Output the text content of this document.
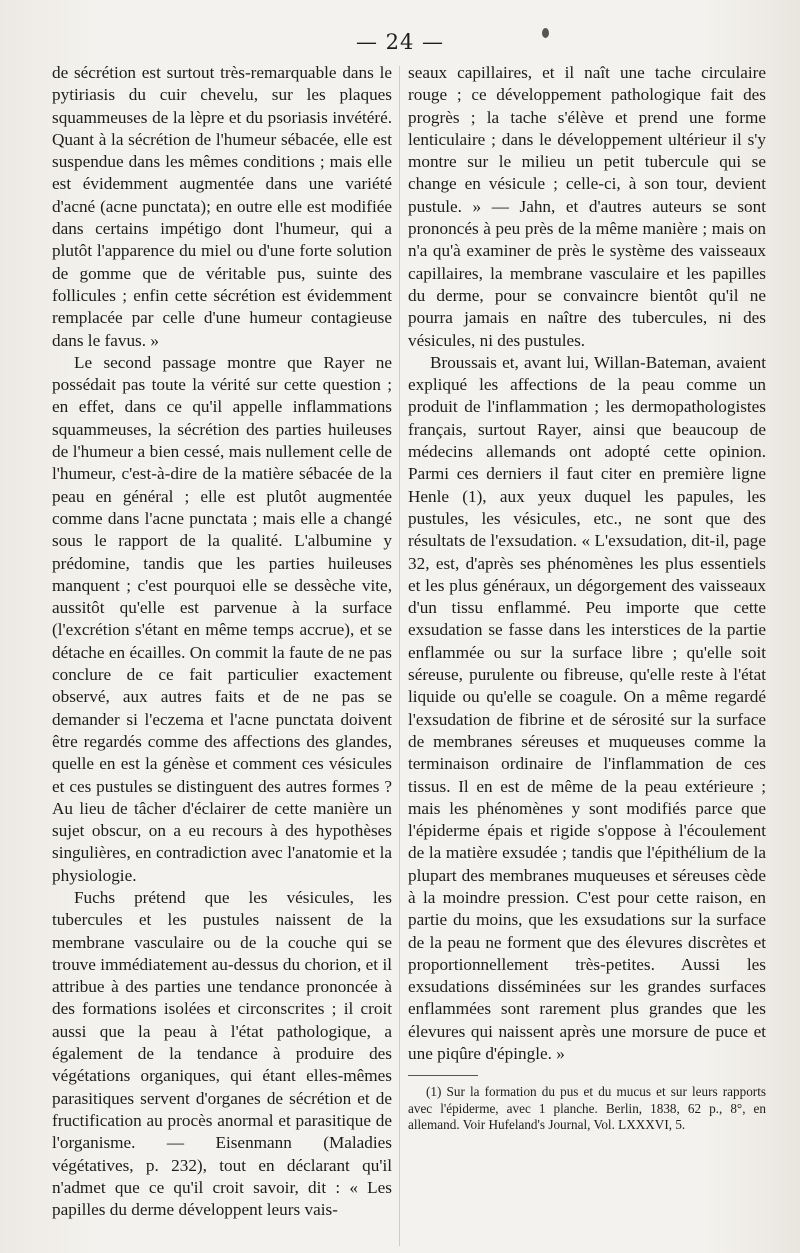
— 24 —

de sécrétion est surtout très-remarquable dans le pytiriasis du cuir chevelu, sur les plaques squammeuses de la lèpre et du psoriasis invétéré. Quant à la sécrétion de l'humeur sébacée, elle est suspendue dans les mêmes conditions ; mais elle est évidemment augmentée dans une variété d'acné (acne punctata); en outre elle est modifiée dans certains impétigo dont l'humeur, qui a plutôt l'apparence du miel ou d'une forte solution de gomme que de véritable pus, suinte des follicules ; enfin cette sécrétion est évidemment remplacée par celle d'une humeur contagieuse dans le favus. »

Le second passage montre que Rayer ne possédait pas toute la vérité sur cette question ; en effet, dans ce qu'il appelle inflammations squammeuses, la sécrétion des parties huileuses de l'humeur a bien cessé, mais nullement celle de l'humeur, c'est-à-dire de la matière sébacée de la peau en général ; elle est plutôt augmentée comme dans l'acne punctata ; mais elle a changé sous le rapport de la qualité. L'albumine y prédomine, tandis que les parties huileuses manquent ; c'est pourquoi elle se dessèche vite, aussitôt qu'elle est parvenue à la surface (l'excrétion s'étant en même temps accrue), et se détache en écailles. On commit la faute de ne pas conclure de ce fait particulier exactement observé, aux autres faits et de ne pas se demander si l'eczema et l'acne punctata doivent être regardés comme des affections des glandes, quelle en est la génèse et comment ces vésicules et ces pustules se distinguent des autres formes ? Au lieu de tâcher d'éclairer de cette manière un sujet obscur, on a eu recours à des hypothèses singulières, en contradiction avec l'anatomie et la physiologie.

Fuchs prétend que les vésicules, les tubercules et les pustules naissent de la membrane vasculaire ou de la couche qui se trouve immédiatement au-dessus du chorion, et il attribue à des parties une tendance prononcée à des formations isolées et circonscrites ; il croit aussi que la peau à l'état pathologique, a également de la tendance à produire des végétations organiques, qui étant elles-mêmes parasitiques servent d'organes de sécrétion et de fructification au procès anormal et parasitique de l'organisme. — Eisenmann (Maladies végétatives, p. 232), tout en déclarant qu'il n'admet que ce qu'il croit savoir, dit : « Les papilles du derme développent leurs vais-

seaux capillaires, et il naît une tache circulaire rouge ; ce développement pathologique fait des progrès ; la tache s'élève et prend une forme lenticulaire ; dans le développement ultérieur il s'y montre sur le milieu un petit tubercule qui se change en vésicule ; celle-ci, à son tour, devient pustule. » — Jahn, et d'autres auteurs se sont prononcés à peu près de la même manière ; mais on n'a qu'à examiner de près le système des vaisseaux capillaires, la membrane vasculaire et les papilles du derme, pour se convaincre bientôt qu'il ne pourra jamais en naître des tubercules, ni des vésicules, ni des pustules.

Broussais et, avant lui, Willan-Bateman, avaient expliqué les affections de la peau comme un produit de l'inflammation ; les dermopathologistes français, surtout Rayer, ainsi que beaucoup de médecins allemands ont adopté cette opinion. Parmi ces derniers il faut citer en première ligne Henle (1), aux yeux duquel les papules, les pustules, les vésicules, etc., ne sont que des résultats de l'exsudation. « L'exsudation, dit-il, page 32, est, d'après ses phénomènes les plus essentiels et les plus généraux, un dégorgement des vaisseaux d'un tissu enflammé. Peu importe que cette exsudation se fasse dans les interstices de la partie enflammée ou sur la surface libre ; qu'elle soit séreuse, purulente ou fibreuse, qu'elle reste à l'état liquide ou qu'elle se coagule. On a même regardé l'exsudation de fibrine et de sérosité sur la surface de membranes séreuses et muqueuses comme la terminaison ordinaire de l'inflammation de ces tissus. Il en est de même de la peau extérieure ; mais les phénomènes y sont modifiés parce que l'épiderme épais et rigide s'oppose à l'écoulement de la matière exsudée ; tandis que l'épithélium de la plupart des membranes muqueuses et séreuses cède à la moindre pression. C'est pour cette raison, en partie du moins, que les exsudations sur la surface de la peau ne forment que des élevures discrètes et proportionnellement très-petites. Aussi les exsudations disséminées sur les grandes surfaces enflammées sont rarement plus grandes que les élevures qui naissent après une morsure de puce et une piqûre d'épingle. »

(1) Sur la formation du pus et du mucus et sur leurs rapports avec l'épiderme, avec 1 planche. Berlin, 1838, 62 p., 8°, en allemand. Voir Hufeland's Journal, Vol. LXXXVI, 5.
